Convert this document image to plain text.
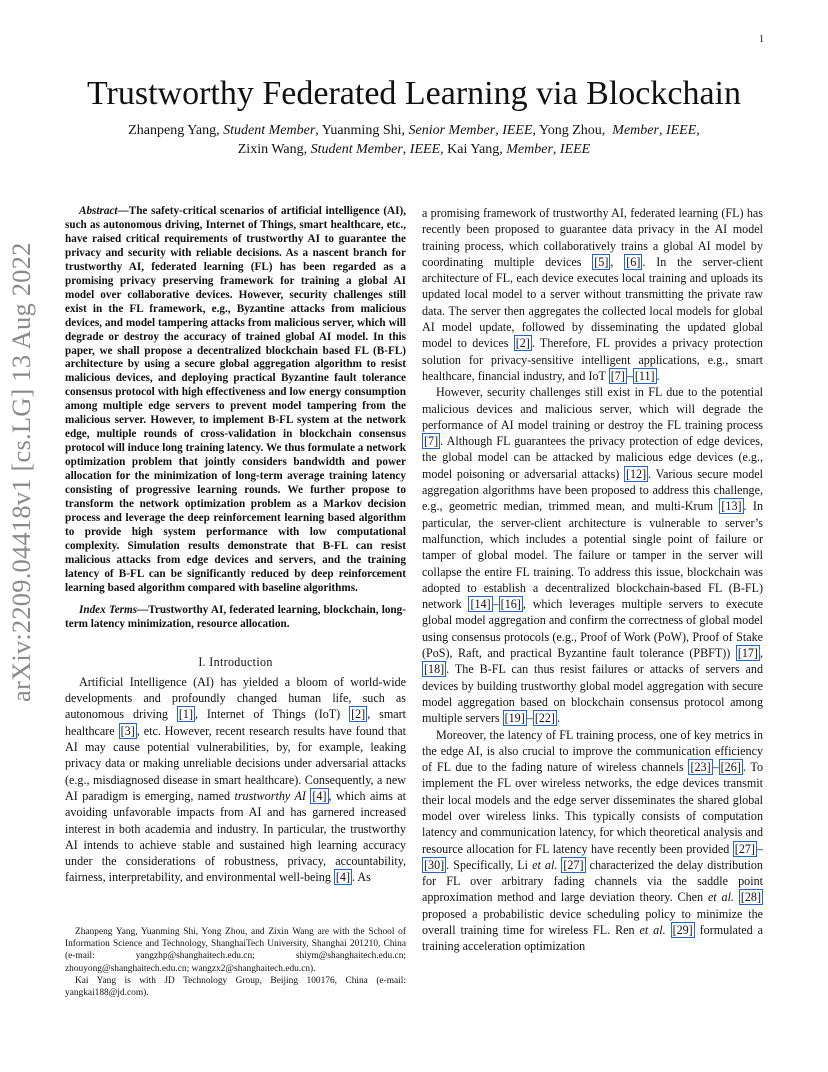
1
arXiv:2209.04418v1 [cs.LG] 13 Aug 2022
Trustworthy Federated Learning via Blockchain
Zhanpeng Yang, Student Member, Yuanming Shi, Senior Member, IEEE, Yong Zhou,  Member, IEEE,
Zixin Wang, Student Member, IEEE, Kai Yang, Member, IEEE

Abstract—The safety-critical scenarios of artificial intelligence (AI), such as autonomous driving, Internet of Things, smart healthcare, etc., have raised critical requirements of trustworthy AI to guarantee the privacy and security with reliable decisions. As a nascent branch for trustworthy AI, federated learning (FL) has been regarded as a promising privacy preserving framework for training a global AI model over collaborative devices. However, security challenges still exist in the FL framework, e.g., Byzantine attacks from malicious devices, and model tampering attacks from malicious server, which will degrade or destroy the accuracy of trained global AI model. In this paper, we shall propose a decentralized blockchain based FL (B-FL) architecture by using a secure global aggregation algorithm to resist malicious devices, and deploying practical Byzantine fault tolerance consensus protocol with high effectiveness and low energy consumption among multiple edge servers to prevent model tampering from the malicious server. However, to implement B-FL system at the network edge, multiple rounds of cross-validation in blockchain consensus protocol will induce long training latency. We thus formulate a network optimization problem that jointly considers bandwidth and power allocation for the minimization of long-term average training latency consisting of progressive learning rounds. We further propose to transform the network optimization problem as a Markov decision process and leverage the deep reinforcement learning based algorithm to provide high system performance with low computational complexity. Simulation results demonstrate that B-FL can resist malicious attacks from edge devices and servers, and the training latency of B-FL can be significantly reduced by deep reinforcement learning based algorithm compared with baseline algorithms.

Index Terms—Trustworthy AI, federated learning, blockchain, long-term latency minimization, resource allocation.

I. Introduction

Artificial Intelligence (AI) has yielded a bloom of world-wide developments and profoundly changed human life, such as autonomous driving [1] , Internet of Things (IoT) [2] , smart healthcare [3] , etc. However, recent research results have found that AI may cause potential vulnerabilities, by, for example, leaking privacy data or making unreliable decisions under adversarial attacks (e.g., misdiagnosed disease in smart healthcare). Consequently, a new AI paradigm is emerging, named trustworthy AI [4] , which aims at avoiding unfavorable impacts from AI and has garnered increased interest in both academia and industry. In particular, the trustworthy AI intends to achieve stable and sustained high learning accuracy under the considerations of robustness, privacy, accountability, fairness, interpretability, and environmental well-being [4] . As

Zhanpeng Yang, Yuanming Shi, Yong Zhou, and Zixin Wang are with the School of Information Science and Technology, ShanghaiTech University, Shanghai 201210, China (e-mail: yangzhp@shanghaitech.edu.cn; shiym@shanghaitech.edu.cn; zhouyong@shanghaitech.edu.cn; wangzx2@shanghaitech.edu.cn).

Kai Yang is with JD Technology Group, Beijing 100176, China (e-mail: yangkai188@jd.com).

a promising framework of trustworthy AI, federated learning (FL) has recently been proposed to guarantee data privacy in the AI model training process, which collaboratively trains a global AI model by coordinating multiple devices [5] , [6] . In the server-client architecture of FL, each device executes local training and uploads its updated local model to a server without transmitting the private raw data. The server then aggregates the collected local models for global AI model update, followed by disseminating the updated global model to devices [2] . Therefore, FL provides a privacy protection solution for privacy-sensitive intelligent applications, e.g., smart healthcare, financial industry, and IoT [7] – [11] .

However, security challenges still exist in FL due to the potential malicious devices and malicious server, which will degrade the performance of AI model training or destroy the FL training process [7] . Although FL guarantees the privacy protection of edge devices, the global model can be attacked by malicious edge devices (e.g., model poisoning or adversarial attacks) [12] . Various secure model aggregation algorithms have been proposed to address this challenge, e.g., geometric median, trimmed mean, and multi-Krum [13] . In particular, the server-client architecture is vulnerable to server’s malfunction, which includes a potential single point of failure or tamper of global model. The failure or tamper in the server will collapse the entire FL training. To address this issue, blockchain was adopted to establish a decentralized blockchain-based FL (B-FL) network [14] – [16] , which leverages multiple servers to execute global model aggregation and confirm the correctness of global model using consensus protocols (e.g., Proof of Work (PoW), Proof of Stake (PoS), Raft, and practical Byzantine fault tolerance (PBFT)) [17] , [18] . The B-FL can thus resist failures or attacks of servers and devices by building trustworthy global model aggregation with secure model aggregation based on blockchain consensus protocol among multiple servers [19] – [22] .

Moreover, the latency of FL training process, one of key metrics in the edge AI, is also crucial to improve the communication efficiency of FL due to the fading nature of wireless channels [23] – [26] . To implement the FL over wireless networks, the edge devices transmit their local models and the edge server disseminates the shared global model over wireless links. This typically consists of computation latency and communication latency, for which theoretical analysis and resource allocation for FL latency have recently been provided [27] –[30] . Specifically, Li et al. [27] characterized the delay distribution for FL over arbitrary fading channels via the saddle point approximation method and large deviation theory. Chen et al. [28] proposed a probabilistic device scheduling policy to minimize the overall training time for wireless FL. Ren et al. [29] formulated a training acceleration optimization
